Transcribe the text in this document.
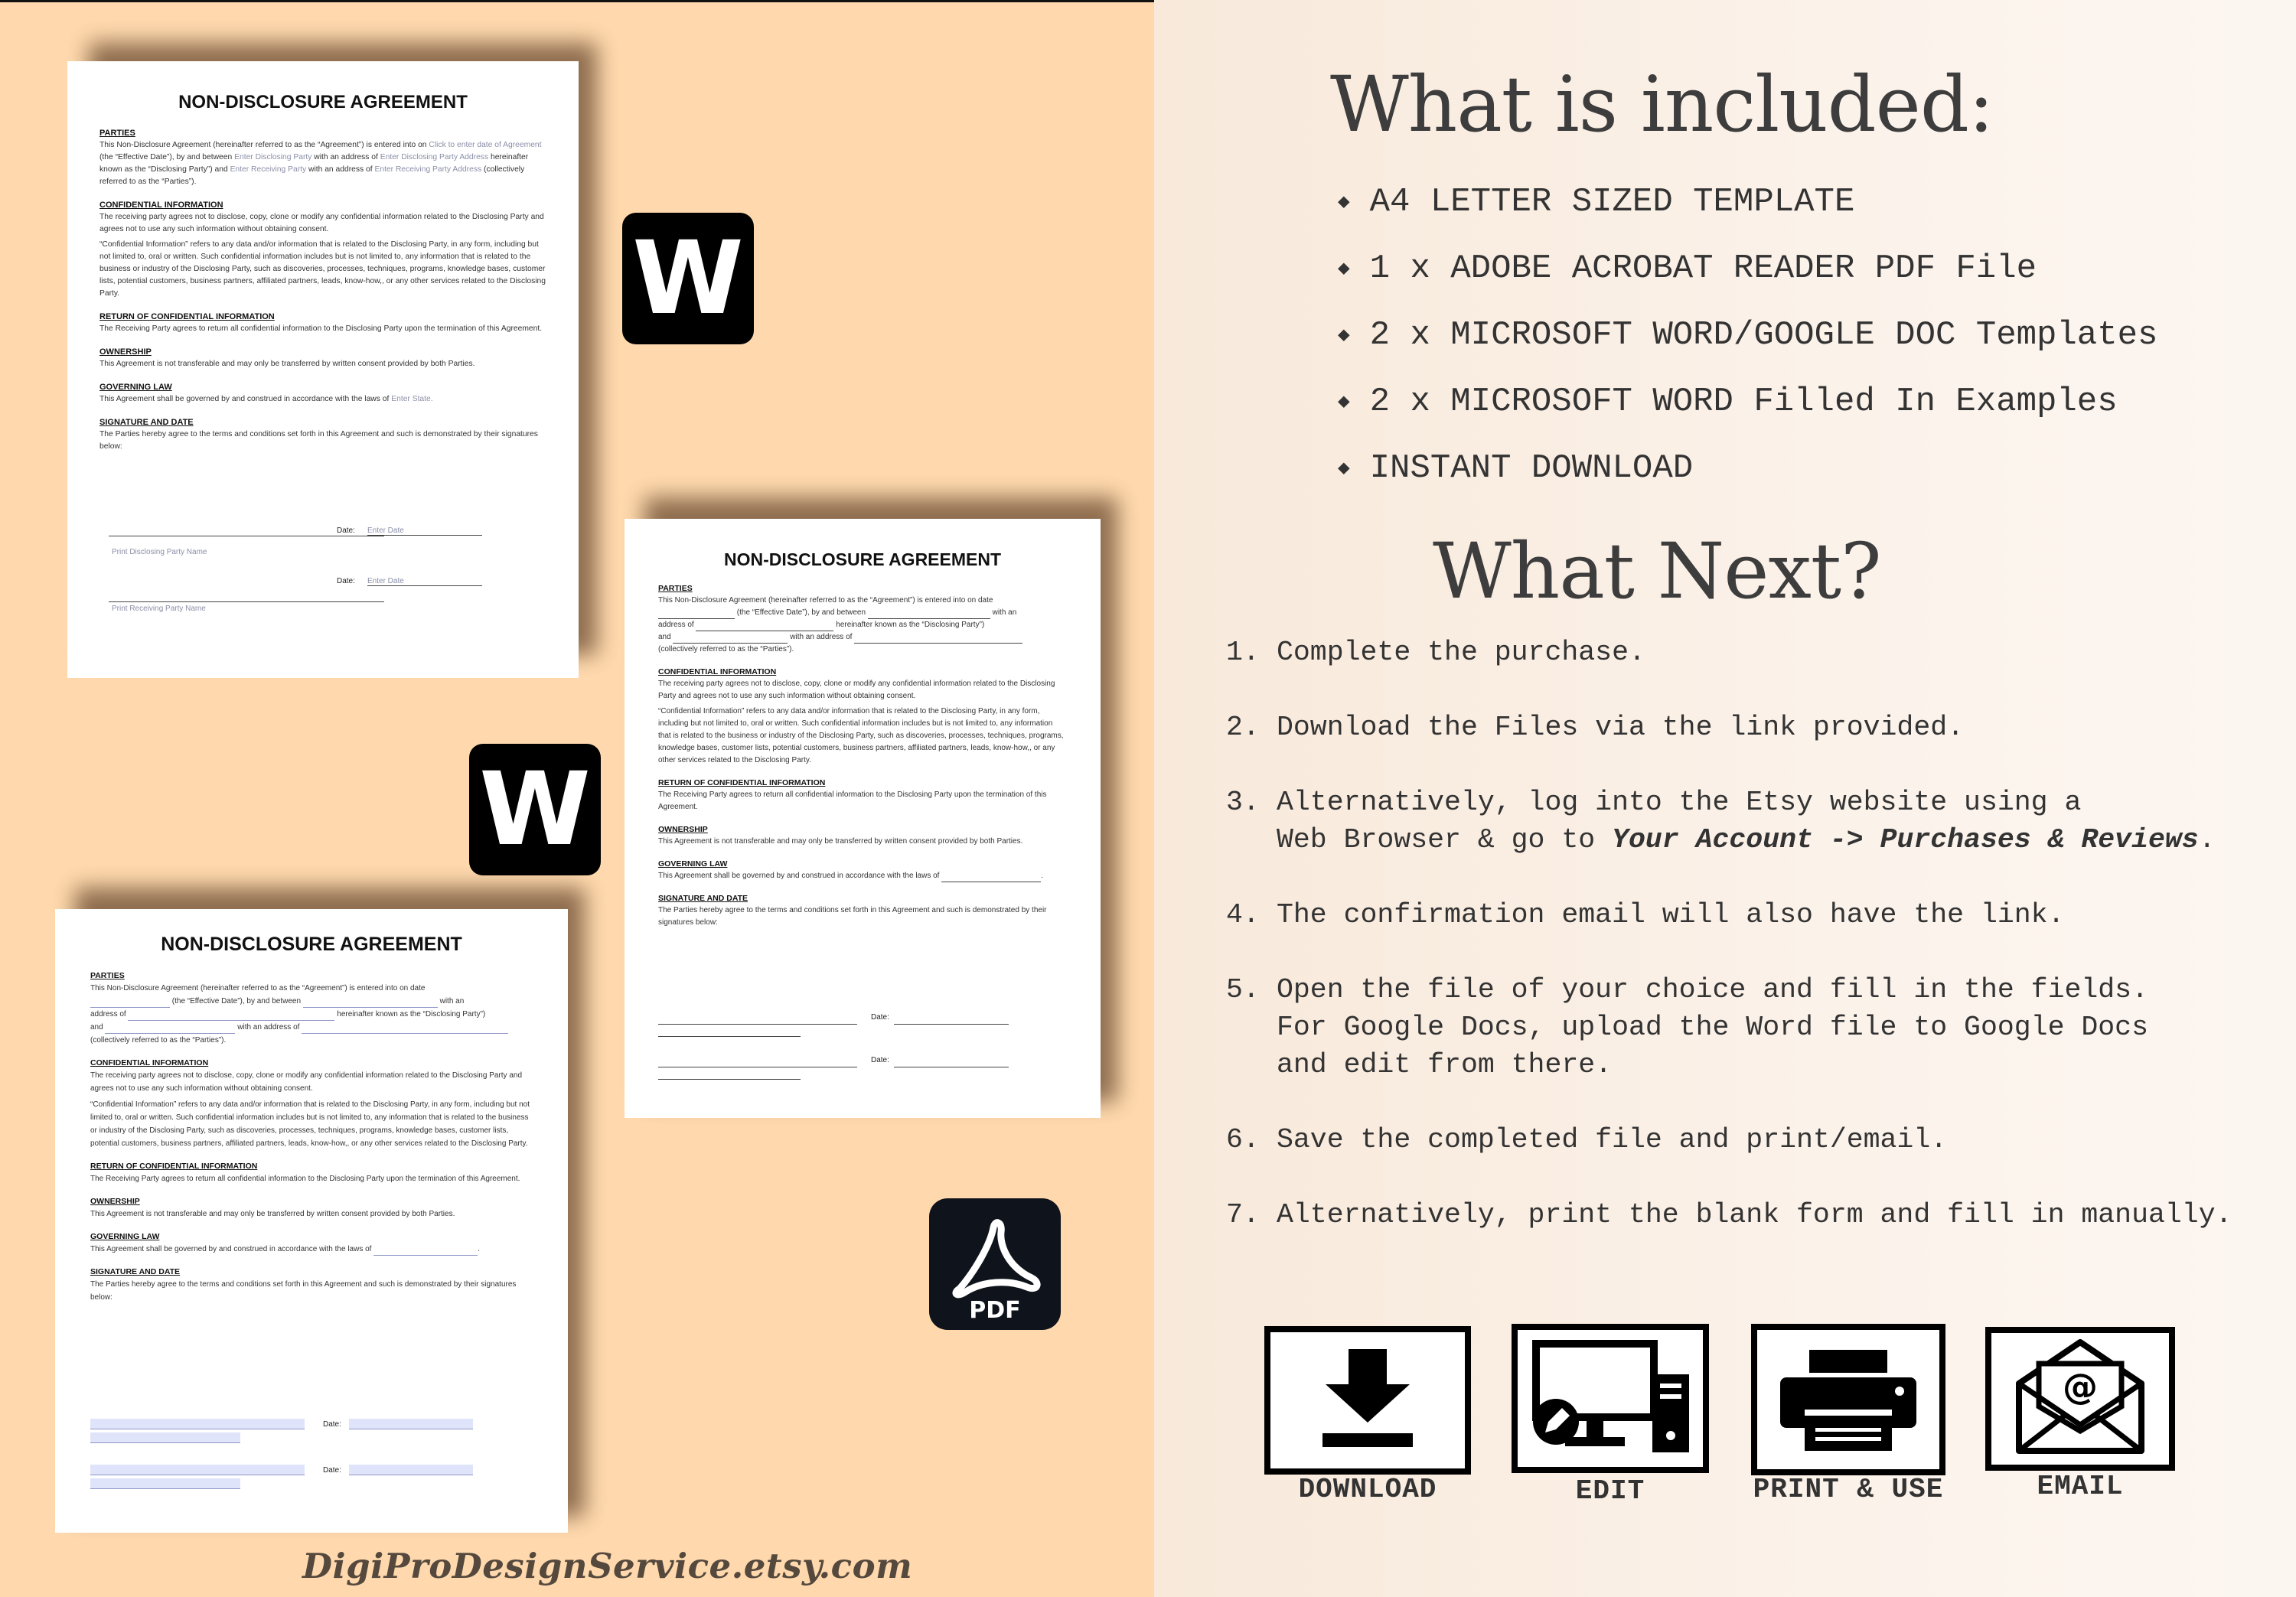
NON-DISCLOSURE AGREEMENT
PARTIES

This Non-Disclosure Agreement (hereinafter referred to as the “Agreement”) is entered into on Click to enter date of Agreement (the “Effective Date”), by and between Enter Disclosing Party with an address of Enter Disclosing Party Address hereinafter known as the “Disclosing Party”) and Enter Receiving Party with an address of Enter Receiving Party Address (collectively referred to as the “Parties”).

CONFIDENTIAL INFORMATION

The receiving party agrees not to disclose, copy, clone or modify any confidential information related to the Disclosing Party and agrees not to use any such information without obtaining consent.

“Confidential Information” refers to any data and/or information that is related to the Disclosing Party, in any form, including but not limited to, oral or written. Such confidential information includes but is not limited to, any information that is related to the business or industry of the Disclosing Party, such as discoveries, processes, techniques, programs, knowledge bases, customer lists, potential customers, business partners, affiliated partners, leads, know-how,, or any other services related to the Disclosing Party.

RETURN OF CONFIDENTIAL INFORMATION

The Receiving Party agrees to return all confidential information to the Disclosing Party upon the termination of this Agreement.

OWNERSHIP

This Agreement is not transferable and may only be transferred by written consent provided by both Parties.

GOVERNING LAW

This Agreement shall be governed by and construed in accordance with the laws of Enter State.

SIGNATURE AND DATE

The Parties hereby agree to the terms and conditions set forth in this Agreement and such is demonstrated by their signatures below:

Print Disclosing Party Name
Date: Enter Date
Print Receiving Party Name
Date: Enter Date
NON-DISCLOSURE AGREEMENT
PARTIES

This Non-Disclosure Agreement (hereinafter referred to as the “Agreement”) is entered into on date
(the “Effective Date”), by and between	with an
address of	hereinafter known as the “Disclosing Party”)
and	with an address of
(collectively referred to as the “Parties”).

CONFIDENTIAL INFORMATION

The receiving party agrees not to disclose, copy, clone or modify any confidential information related to the Disclosing Party and agrees not to use any such information without obtaining consent.

“Confidential Information” refers to any data and/or information that is related to the Disclosing Party, in any form, including but not limited to, oral or written. Such confidential information includes but is not limited to, any information that is related to the business or industry of the Disclosing Party, such as discoveries, processes, techniques, programs, knowledge bases, customer lists, potential customers, business partners, affiliated partners, leads, know-how,, or any other services related to the Disclosing Party.

RETURN OF CONFIDENTIAL INFORMATION

The Receiving Party agrees to return all confidential information to the Disclosing Party upon the termination of this Agreement.

OWNERSHIP

This Agreement is not transferable and may only be transferred by written consent provided by both Parties.

GOVERNING LAW

This Agreement shall be governed by and construed in accordance with the laws of	.

SIGNATURE AND DATE

The Parties hereby agree to the terms and conditions set forth in this Agreement and such is demonstrated by their signatures below:

Date:
Date:
NON-DISCLOSURE AGREEMENT
PARTIES

This Non-Disclosure Agreement (hereinafter referred to as the “Agreement”) is entered into on date
(the “Effective Date”), by and between	with an
address of	hereinafter known as the “Disclosing Party”)
and	with an address of
(collectively referred to as the “Parties”).

CONFIDENTIAL INFORMATION

The receiving party agrees not to disclose, copy, clone or modify any confidential information related to the Disclosing Party and agrees not to use any such information without obtaining consent.

“Confidential Information” refers to any data and/or information that is related to the Disclosing Party, in any form, including but not limited to, oral or written. Such confidential information includes but is not limited to, any information that is related to the business or industry of the Disclosing Party, such as discoveries, processes, techniques, programs, knowledge bases, customer lists, potential customers, business partners, affiliated partners, leads, know-how,, or any other services related to the Disclosing Party.

RETURN OF CONFIDENTIAL INFORMATION

The Receiving Party agrees to return all confidential information to the Disclosing Party upon the termination of this Agreement.

OWNERSHIP

This Agreement is not transferable and may only be transferred by written consent provided by both Parties.

GOVERNING LAW

This Agreement shall be governed by and construed in accordance with the laws of	.

SIGNATURE AND DATE

The Parties hereby agree to the terms and conditions set forth in this Agreement and such is demonstrated by their signatures below:

Date:
Date:
W
W
PDF
DigiProDesignService.etsy.com
What is included:
◆ A4 LETTER SIZED TEMPLATE
◆ 1 x ADOBE ACROBAT READER PDF File
◆ 2 x MICROSOFT WORD/GOOGLE DOC Templates
◆ 2 x MICROSOFT WORD Filled In Examples
◆ INSTANT DOWNLOAD
What Next?
1. Complete the purchase.
2. Download the Files via the link provided.
3. Alternatively, log into the Etsy website using a
Web Browser & go to Your Account -> Purchases & Reviews.
4. The confirmation email will also have the link.
5. Open the file of your choice and fill in the fields.
For Google Docs, upload the Word file to Google Docs
and edit from there.
6. Save the completed file and print/email.
7. Alternatively, print the blank form and fill in manually.
DOWNLOAD	EDIT	PRINT & USE
@
EMAIL
